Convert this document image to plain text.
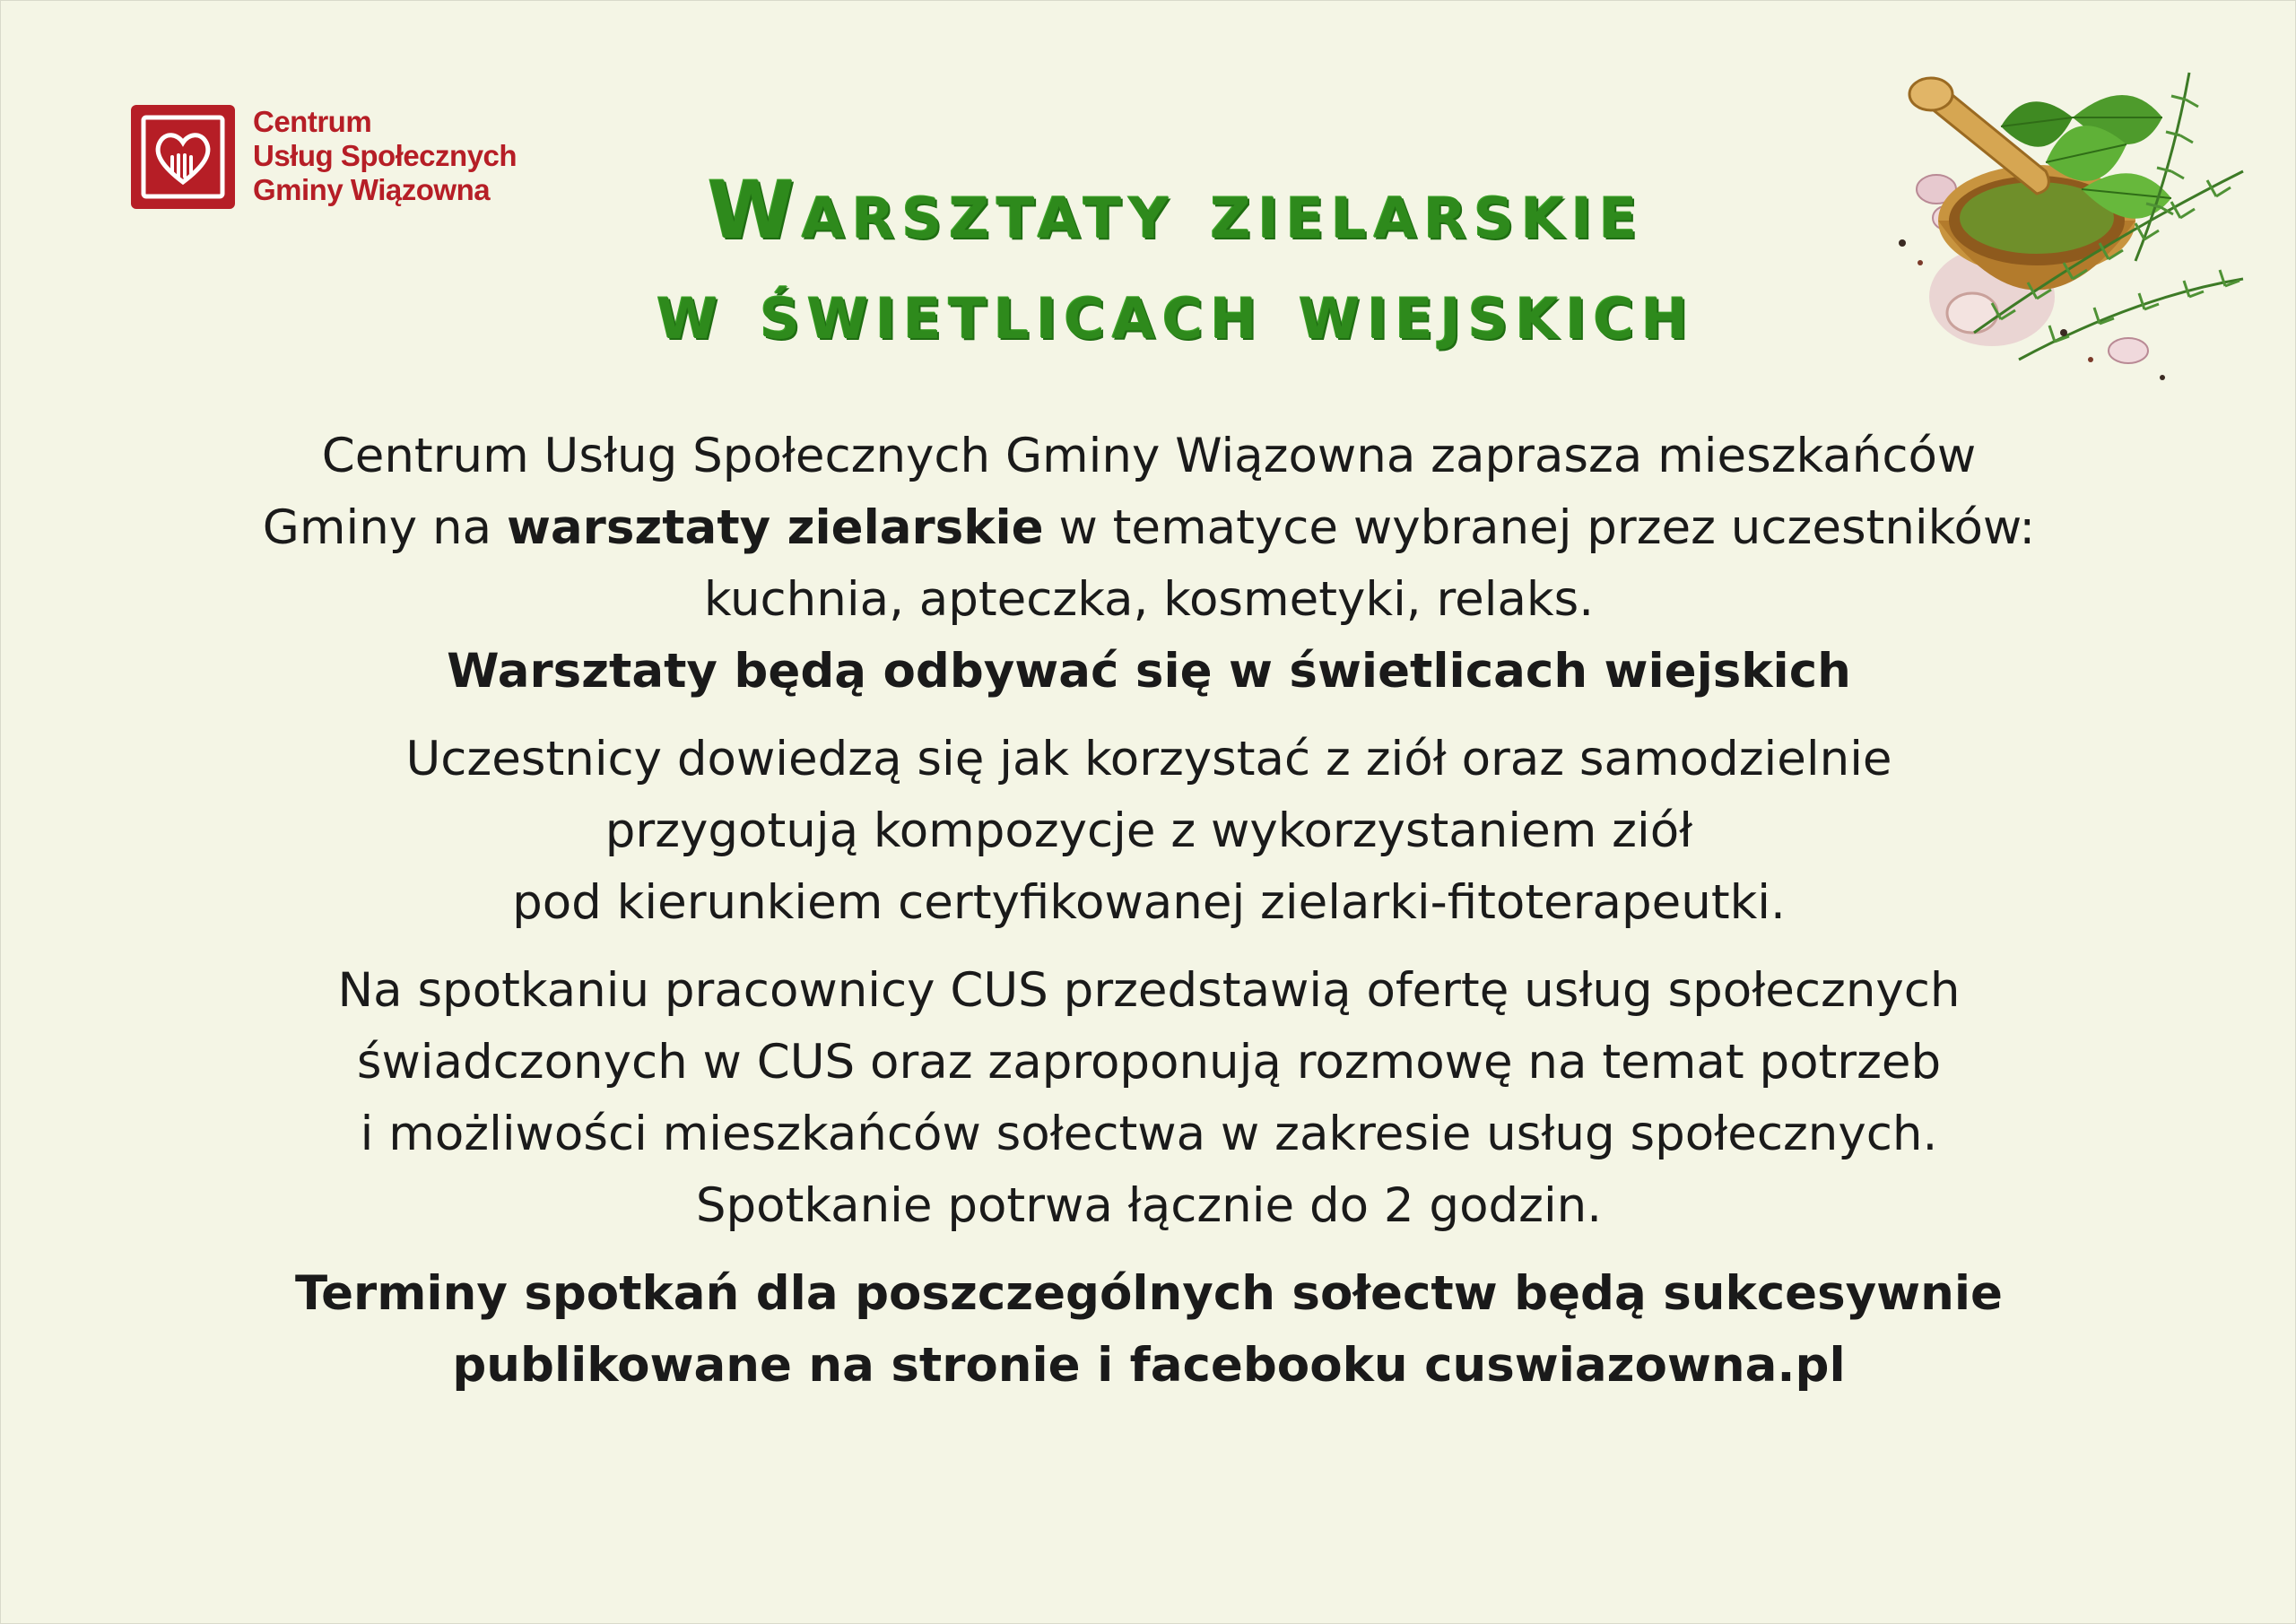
Centrum
Usług Społecznych
Gminy Wiązowna	Warsztaty zielarskie
w świetlicach wiejskich

Centrum Usług Społecznych Gminy Wiązowna zaprasza mieszkańców

Gminy na warsztaty zielarskie w tematyce wybranej przez uczestników:

kuchnia, apteczka, kosmetyki, relaks.

Warsztaty będą odbywać się w świetlicach wiejskich

Uczestnicy dowiedzą się jak korzystać z ziół oraz samodzielnie

przygotują kompozycje z wykorzystaniem ziół

pod kierunkiem certyfikowanej zielarki-fitoterapeutki.

Na spotkaniu pracownicy CUS przedstawią ofertę usług społecznych

świadczonych w CUS oraz zaproponują rozmowę na temat potrzeb

i możliwości mieszkańców sołectwa w zakresie usług społecznych.

Spotkanie potrwa łącznie do 2 godzin.

Terminy spotkań dla poszczególnych sołectw będą sukcesywnie

publikowane na stronie i facebooku cuswiazowna.pl
